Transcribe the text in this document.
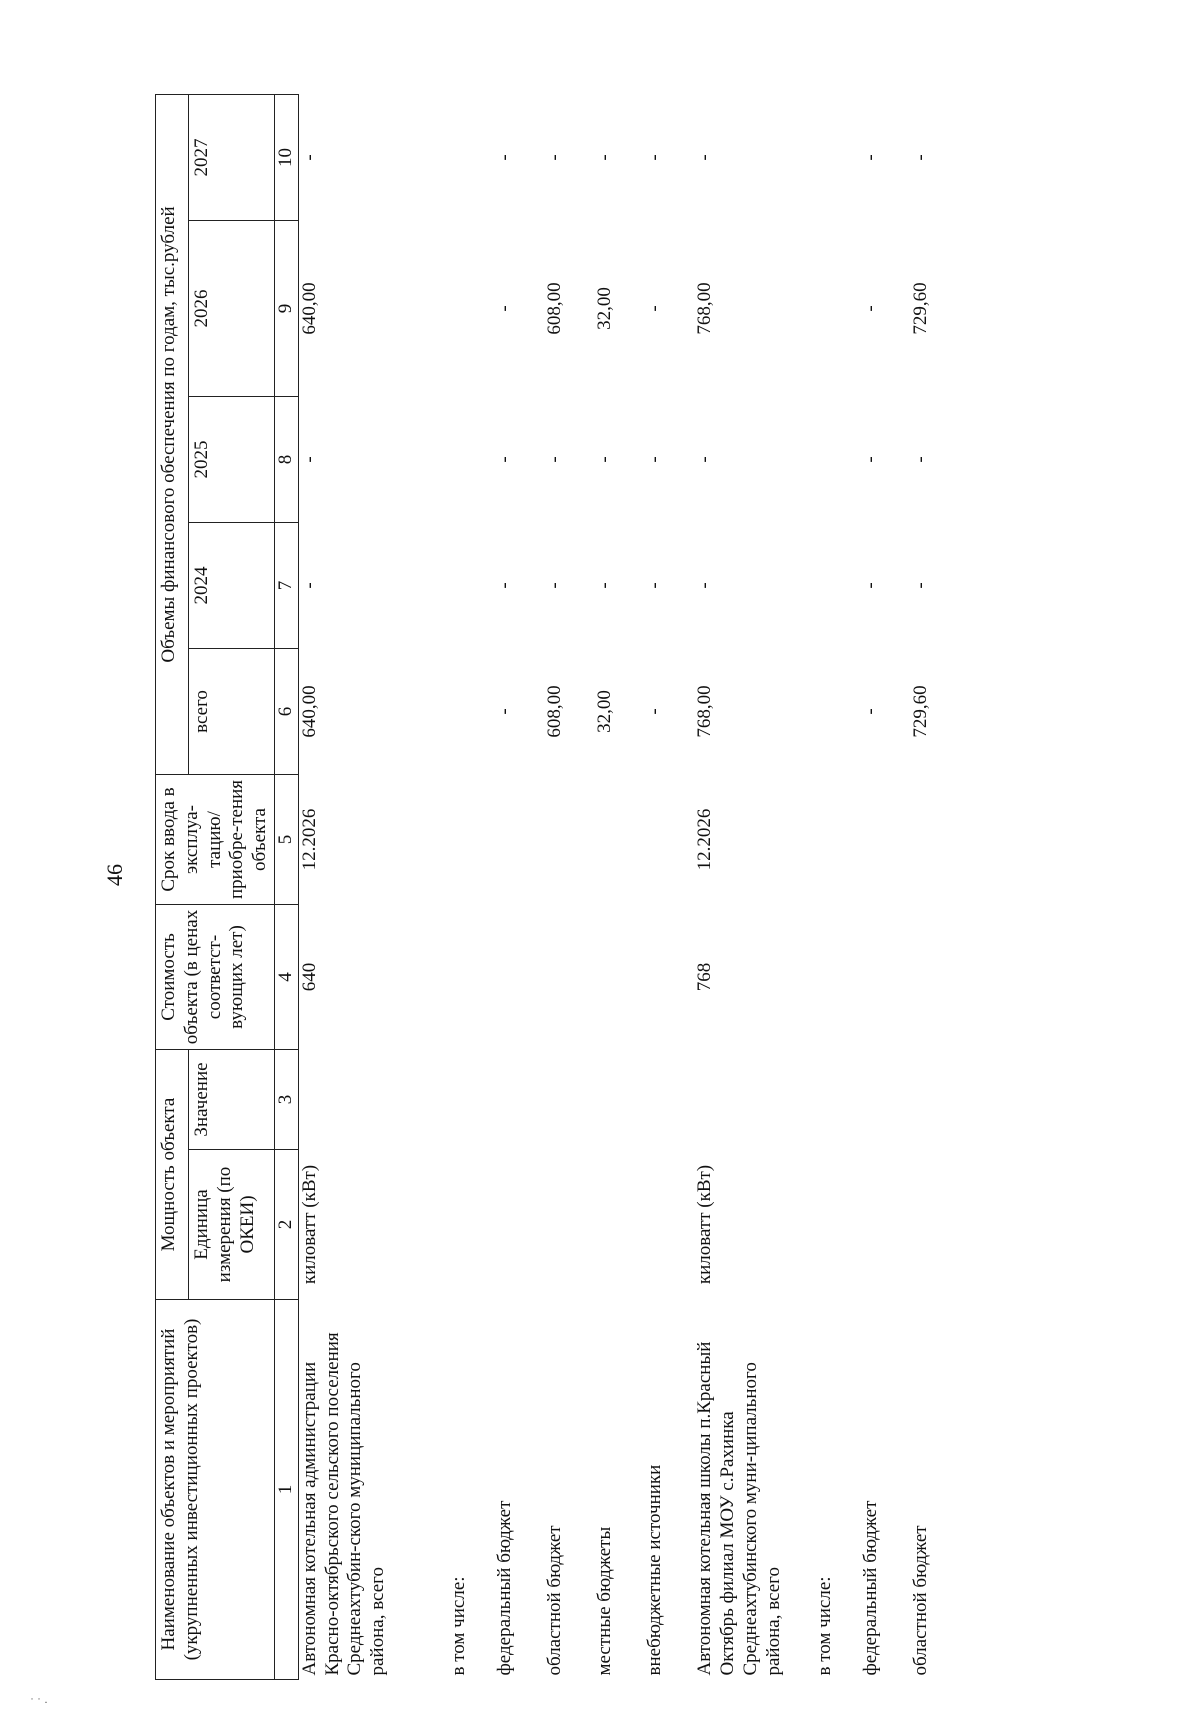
46
Наименование объектов и мероприятий (укрупненных инвестиционных проектов)	Мощность объекта		Стоимость объекта (в ценах соответст-вующих лет)	Срок ввода в эксплуа-тацию/ приобре-тения объекта	Объемы финансового обеспечения по годам, тыс.рублей				
	Единица измерения (по ОКЕИ)	Значение			всего	2024	2025	2026	2027
1	2	3	4	5	6	7	8	9	10
Автономная котельная администрации Красно-октябрьского сельского поселения Среднеахтубин-ского муниципального района, всего	киловатт (кВт)		640	12.2026	640,00	-	-	640,00	-
в том числе:									
федеральный бюджет					-	-	-	-	-
областной бюджет					608,00	-	-	608,00	-
местные бюджеты					32,00	-	-	32,00	-
внебюджетные источники					-	-	-	-	-
Автономная котельная школы п.Красный Октябрь филиал МОУ с.Рахинка Среднеахтубинского муни-ципального района, всего	киловатт (кВт)		768	12.2026	768,00	-	-	768,00	-
в том числе:									
федеральный бюджет					-	-	-	-	-
областной бюджет					729,60	-	-	729,60	-
˙ ˙ ·
